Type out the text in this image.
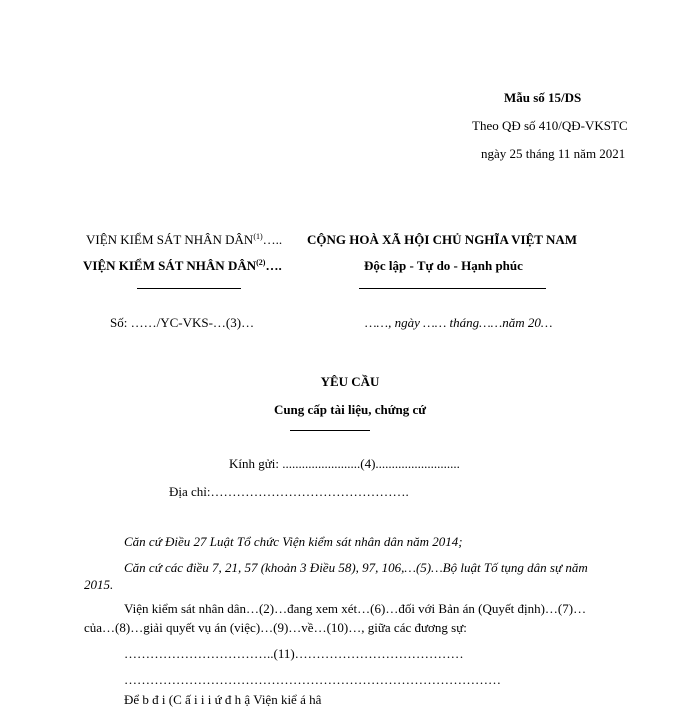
Mẫu số 15/DS
Theo QĐ số 410/QĐ-VKSTC
ngày 25 tháng 11 năm 2021
VIỆN KIỂM SÁT NHÂN DÂN$^{(1)}$…..
VIỆN KIỂM SÁT NHÂN DÂN$^{(2)}$….
CỘNG HOÀ XÃ HỘI CHỦ NGHĨA VIỆT NAM
Độc lập - Tự do - Hạnh phúc
Số: ……/YC-VKS-…(3)…	……, ngày …… tháng……năm 20…
YÊU CẦU
Cung cấp tài liệu, chứng cứ
Kính gửi: ........................(4)..........................
Địa chỉ:……………………………………….
Căn cứ Điều 27 Luật Tổ chức Viện kiểm sát nhân dân năm 2014;
Căn cứ các điều 7, 21, 57 (khoản 3 Điều 58), 97, 106,…(5)…Bộ luật Tố tụng dân sự năm
2015.
Viện kiểm sát nhân dân…(2)…đang xem xét…(6)…đối với Bản án (Quyết định)…(7)…
của…(8)…giải quyết vụ án (việc)…(9)…về…(10)…, giữa các đương sự:
……………………………..(11)…………………………………
……………………………………………………………………………
Để b đ i (C ấ i i i ứ đ h ậ Viện kiể á hâ
